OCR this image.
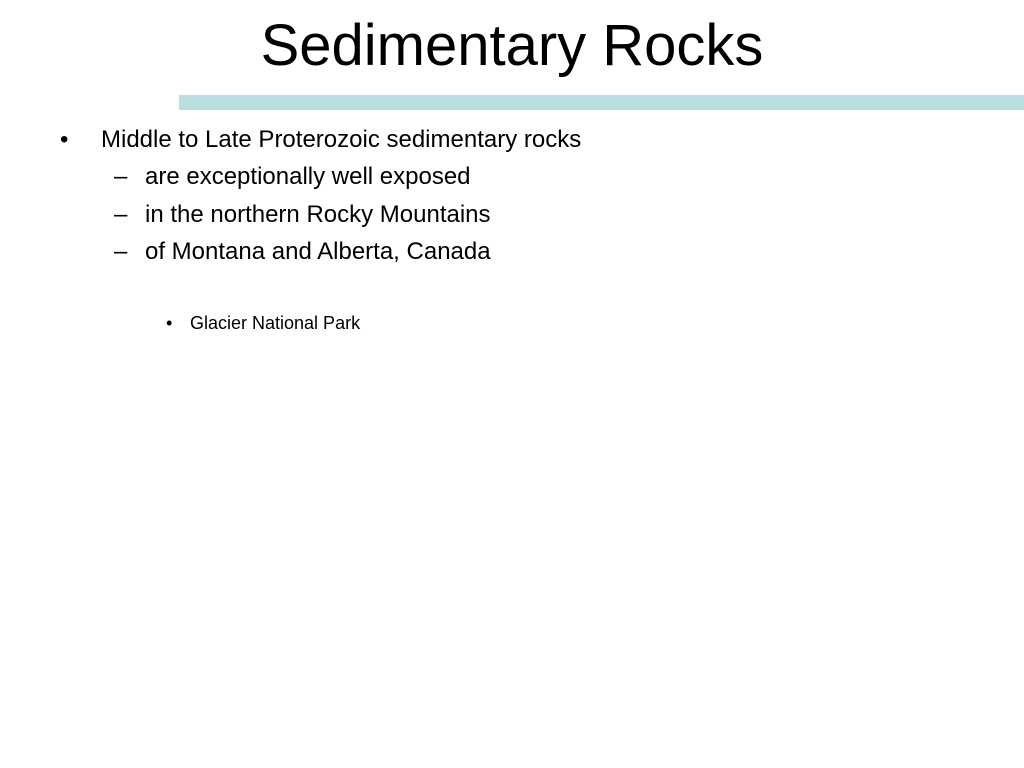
Sedimentary Rocks
• Middle to Late Proterozoic sedimentary rocks
– are exceptionally well exposed
– in the northern Rocky Mountains
– of Montana and Alberta, Canada
• Glacier National Park
